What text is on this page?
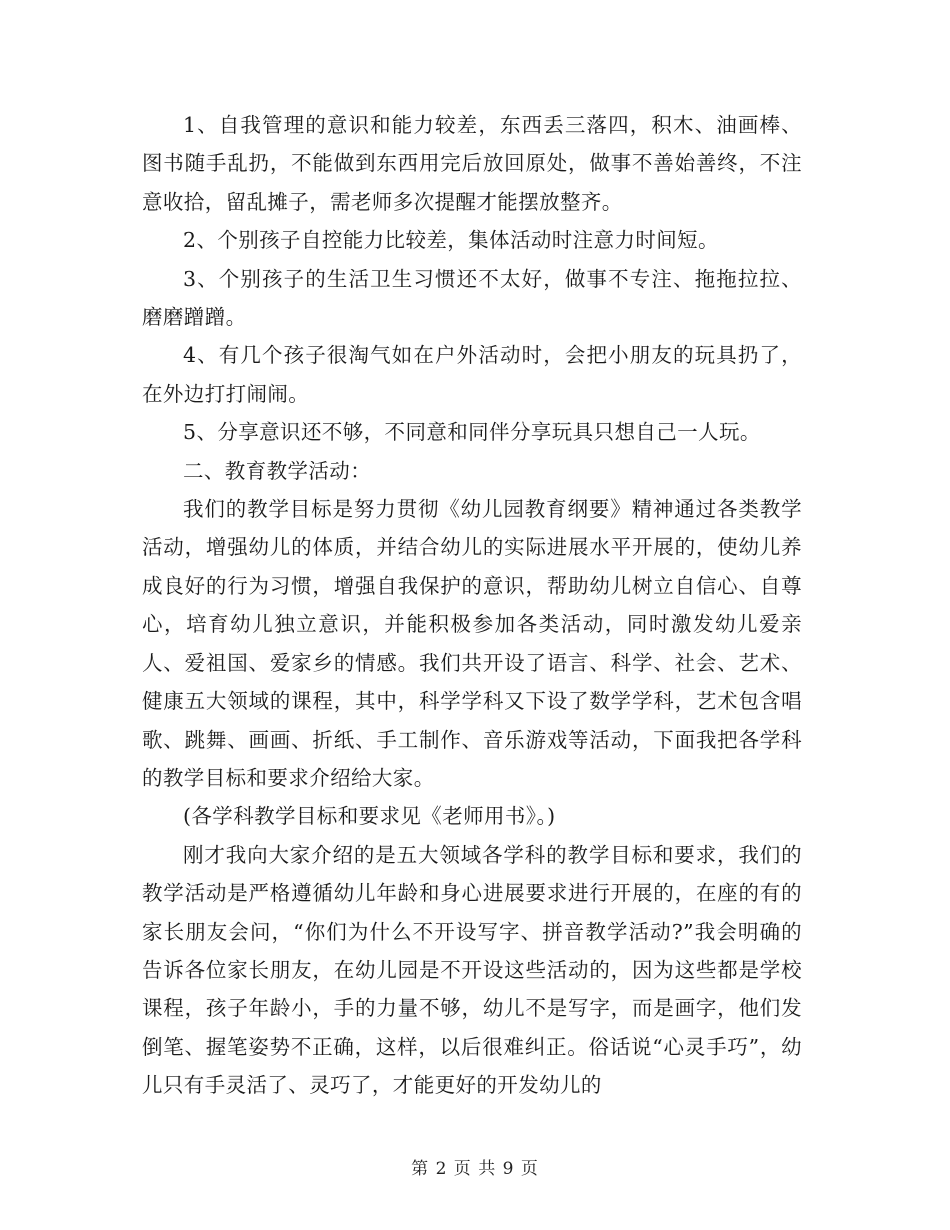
1、自我管理的意识和能力较差，东西丢三落四，积木、油画棒、图书随手乱扔，不能做到东西用完后放回原处，做事不善始善终，不注意收拾，留乱摊子，需老师多次提醒才能摆放整齐。

2、个别孩子自控能力比较差，集体活动时注意力时间短。

3、个别孩子的生活卫生习惯还不太好，做事不专注、拖拖拉拉、磨磨蹭蹭。

4、有几个孩子很淘气如在户外活动时，会把小朋友的玩具扔了，在外边打打闹闹。

5、分享意识还不够，不同意和同伴分享玩具只想自己一人玩。

二、教育教学活动：

我们的教学目标是努力贯彻《幼儿园教育纲要》精神通过各类教学活动，增强幼儿的体质，并结合幼儿的实际进展水平开展的，使幼儿养成良好的行为习惯，增强自我保护的意识，帮助幼儿树立自信心、自尊心，培育幼儿独立意识，并能积极参加各类活动，同时激发幼儿爱亲人、爱祖国、爱家乡的情感。我们共开设了语言、科学、社会、艺术、健康五大领域的课程，其中，科学学科又下设了数学学科，艺术包含唱歌、跳舞、画画、折纸、手工制作、音乐游戏等活动，下面我把各学科的教学目标和要求介绍给大家。

(各学科教学目标和要求见《老师用书》。)

刚才我向大家介绍的是五大领域各学科的教学目标和要求，我们的教学活动是严格遵循幼儿年龄和身心进展要求进行开展的，在座的有的家长朋友会问，“你们为什么不开设写字、拼音教学活动?”我会明确的告诉各位家长朋友，在幼儿园是不开设这些活动的，因为这些都是学校课程，孩子年龄小，手的力量不够，幼儿不是写字，而是画字，他们发倒笔、握笔姿势不正确，这样，以后很难纠正。俗话说“心灵手巧”，幼儿只有手灵活了、灵巧了，才能更好的开发幼儿的

第 2 页 共 9 页
